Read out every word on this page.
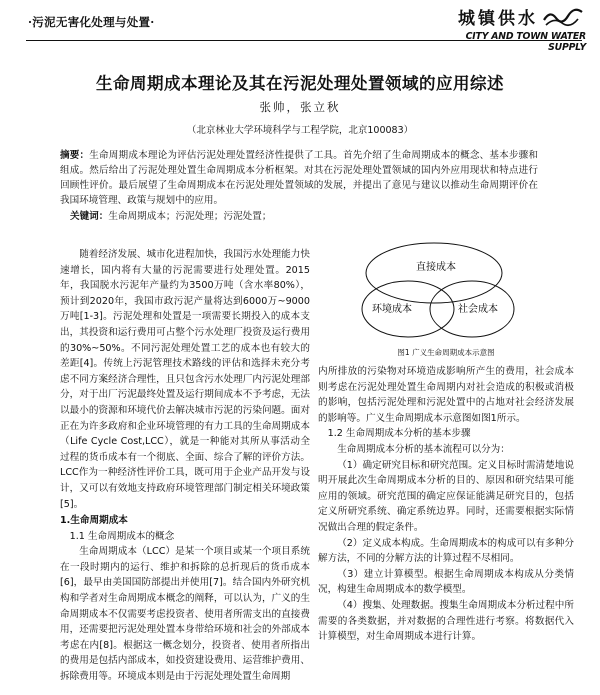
·污泥无害化处理与处置·	城镇供水
CITY AND TOWN WATER SUPPLY
生命周期成本理论及其在污泥处理处置领域的应用综述
张帅，张立秋
（北京林业大学环境科学与工程学院，北京100083）
摘要：生命周期成本理论为评估污泥处理处置经济性提供了工具。首先介绍了生命周期成本的概念、基本步骤和组成。然后给出了污泥处理处置生命周期成本分析框架。对其在污泥处理处置领域的国内外应用现状和特点进行回顾性评价。最后展望了生命周期成本在污泥处理处置领域的发展，并提出了意见与建议以推动生命周期评价在我国环境管理、政策与规划中的应用。
关键词：生命周期成本；污泥处理；污泥处置；

随着经济发展、城市化进程加快，我国污水处理能力快速增长，国内将有大量的污泥需要进行处理处置。2015年，我国脱水污泥年产量约为3500万吨（含水率80%），预计到2020年，我国市政污泥产量将达到6000万~9000万吨[1-3]。污泥处理和处置是一项需要长期投入的成本支出，其投资和运行费用可占整个污水处理厂投资及运行费用的30%~50%。不同污泥处理处置工艺的成本也有较大的差距[4]。传统上污泥管理技术路线的评估和选择未充分考虑不同方案经济合理性，且只包含污水处理厂内污泥处理部分，对于出厂污泥最终处置及运行期间成本不予考虑，无法以最小的资源和环境代价去解决城市污泥的污染问题。面对正在为许多政府和企业环境管理的有力工具的生命周期成本（Life Cycle Cost,LCC），就是一种能对其所从事活动全过程的货币成本有一个彻底、全面、综合了解的评价方法。LCC作为一种经济性评价工具，既可用于企业产品开发与设计，又可以有效地支持政府环境管理部门制定相关环境政策[5]。

1.生命周期成本

1.1 生命周期成本的概念

生命周期成本（LCC）是某一个项目或某一个项目系统在一段时期内的运行、维护和拆除的总折现后的货币成本[6]，最早由美国国防部提出并使用[7]。结合国内外研究机构和学者对生命周期成本概念的阐释，可以认为，广义的生命周期成本不仅需要考虑投资者、使用者所需支出的直接费用，还需要把污泥处理处置本身带给环境和社会的外部成本考虑在内[8]。根据这一概念划分，投资者、使用者所指出的费用是包括内部成本，如投资建设费用、运营维护费用、拆除费用等。环境成本则是由于污泥处理处置生命周期

直接成本
环境成本	社会成本
图1 广义生命周期成本示意图

内所排放的污染物对环境造成影响所产生的费用，社会成本则考虑在污泥处理处置生命周期内对社会造成的积极或消极的影响，包括污泥处理和污泥处置中的占地对社会经济发展的影响等。广义生命周期成本示意图如图1所示。

1.2 生命周期成本分析的基本步骤

生命周期成本分析的基本流程可以分为：

（1）确定研究目标和研究范围。定义目标时需清楚地说明开展此次生命周期成本分析的目的、原因和研究结果可能应用的领域。研究范围的确定应保证能满足研究目的，包括定义所研究系统、确定系统边界。同时，还需要根据实际情况做出合理的假定条件。

（2）定义成本构成。生命周期成本的构成可以有多种分解方法，不同的分解方法的计算过程不尽相同。

（3）建立计算模型。根据生命周期成本构成从分类情况，构建生命周期成本的数学模型。

（4）搜集、处理数据。搜集生命周期成本分析过程中所需要的各类数据，并对数据的合理性进行考察。将数据代入计算模型，对生命周期成本进行计算。
